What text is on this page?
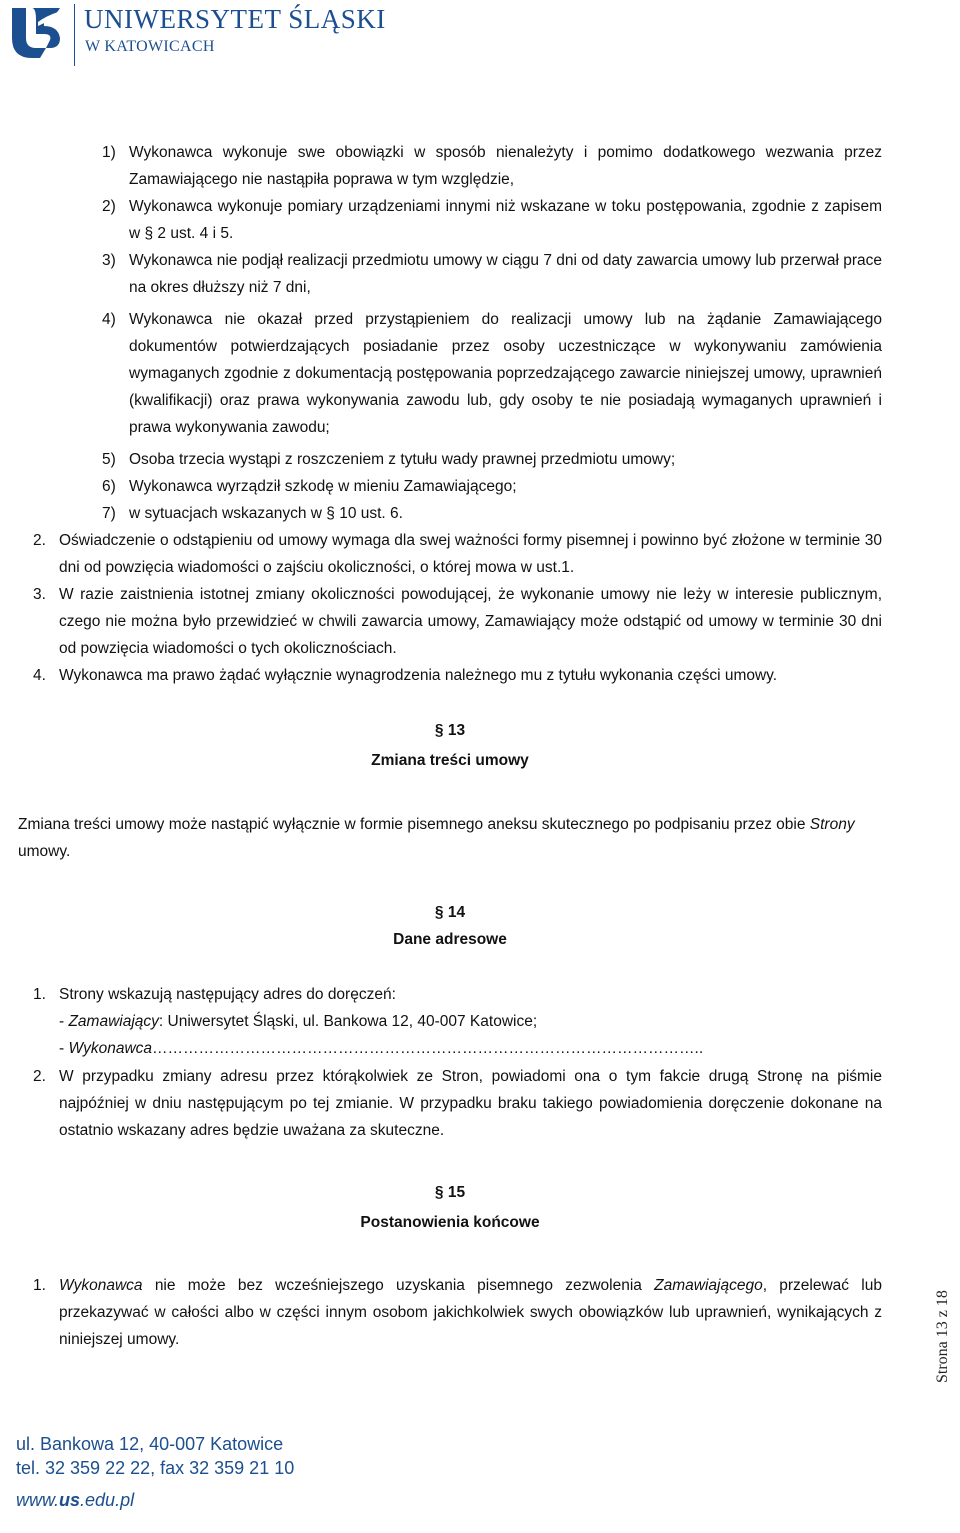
UNIWERSYTET ŚLĄSKI
W KATOWICACH
1) Wykonawca wykonuje swe obowiązki w sposób nienależyty i pomimo dodatkowego wezwania przez Zamawiającego nie nastąpiła poprawa w tym względzie,
2) Wykonawca wykonuje pomiary urządzeniami innymi niż wskazane w toku postępowania, zgodnie z zapisem w § 2 ust. 4 i 5.
3) Wykonawca nie podjął realizacji przedmiotu umowy w ciągu 7 dni od daty zawarcia umowy lub przerwał prace na okres dłuższy niż 7 dni,
4) Wykonawca nie okazał przed przystąpieniem do realizacji umowy lub na żądanie Zamawiającego dokumentów potwierdzających posiadanie przez osoby uczestniczące w wykonywaniu zamówienia wymaganych zgodnie z dokumentacją postępowania poprzedzającego zawarcie niniejszej umowy, uprawnień (kwalifikacji) oraz prawa wykonywania zawodu lub, gdy osoby te nie posiadają wymaganych uprawnień i prawa wykonywania zawodu;
5) Osoba trzecia wystąpi z roszczeniem z tytułu wady prawnej przedmiotu umowy;
6) Wykonawca wyrządził szkodę w mieniu Zamawiającego;
7) w sytuacjach wskazanych w § 10 ust. 6.
2. Oświadczenie o odstąpieniu od umowy wymaga dla swej ważności formy pisemnej i powinno być złożone w terminie 30 dni od powzięcia wiadomości o zajściu okoliczności, o której mowa w ust.1.
3. W razie zaistnienia istotnej zmiany okoliczności powodującej, że wykonanie umowy nie leży w interesie publicznym, czego nie można było przewidzieć w chwili zawarcia umowy, Zamawiający może odstąpić od umowy w terminie 30 dni od powzięcia wiadomości o tych okolicznościach.
4. Wykonawca ma prawo żądać wyłącznie wynagrodzenia należnego mu z tytułu wykonania części umowy.
§ 13
Zmiana treści umowy
Zmiana treści umowy może nastąpić wyłącznie w formie pisemnego aneksu skutecznego po podpisaniu przez obie Strony umowy.
§ 14
Dane adresowe
1. Strony wskazują następujący adres do doręczeń:
- Zamawiający: Uniwersytet Śląski, ul. Bankowa 12, 40-007 Katowice;
- Wykonawca……………………………………………………………………………………………..
2. W przypadku zmiany adresu przez którąkolwiek ze Stron, powiadomi ona o tym fakcie drugą Stronę na piśmie najpóźniej w dniu następującym po tej zmianie. W przypadku braku takiego powiadomienia doręczenie dokonane na ostatnio wskazany adres będzie uważana za skuteczne.
§ 15
Postanowienia końcowe
1. Wykonawca nie może bez wcześniejszego uzyskania pisemnego zezwolenia Zamawiającego, przelewać lub przekazywać w całości albo w części innym osobom jakichkolwiek swych obowiązków lub uprawnień, wynikających z niniejszej umowy.	Strona 13 z 18
ul. Bankowa 12, 40-007 Katowice
tel. 32 359 22 22, fax 32 359 21 10
www.us.edu.pl
